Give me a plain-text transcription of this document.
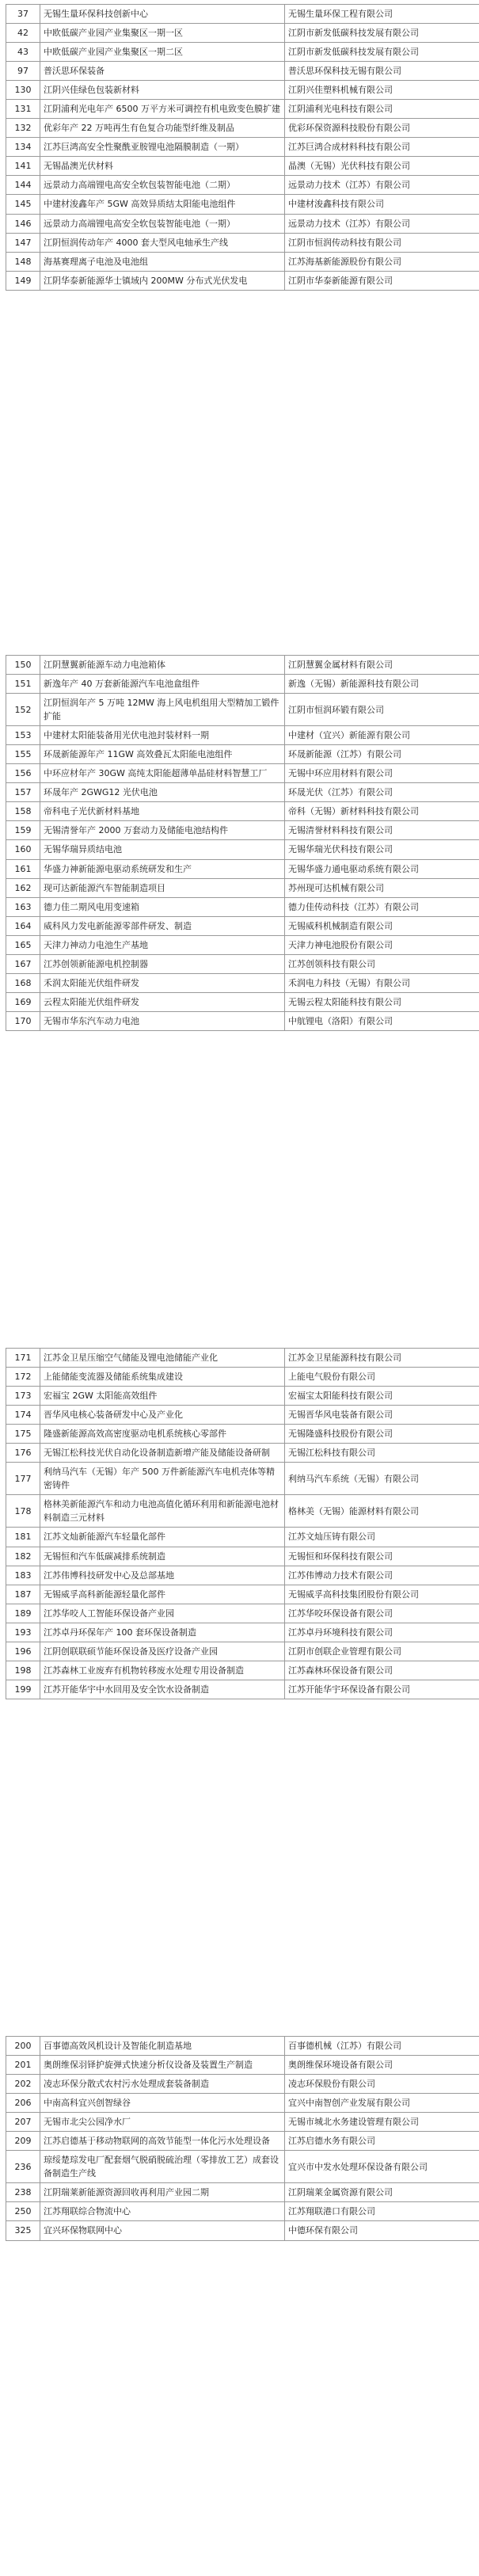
37	无锡生量环保科技创新中心	无锡生量环保工程有限公司
42	中欧低碳产业园产业集聚区一期一区	江阴市新发低碳科技发展有限公司
43	中欧低碳产业园产业集聚区一期二区	江阴市新发低碳科技发展有限公司
97	普沃思环保装备	普沃思环保科技无锡有限公司
130	江阴兴佳绿色包装新材料	江阴兴佳塑料机械有限公司
131	江阴浦利光电年产 6500 万平方米可调控有机电致变色膜扩建	江阴浦利光电科技有限公司
132	优彩年产 22 万吨再生有色复合功能型纤维及制品	优彩环保资源科技股份有限公司
134	江苏巨鸿高安全性聚酰亚胺锂电池隔膜制造（一期）	江苏巨鸿合成材料科技有限公司
141	无锡晶澳光伏材料	晶澳（无锡）光伏科技有限公司
144	远景动力高端锂电高安全软包装智能电池（二期）	远景动力技术（江苏）有限公司
145	中建材浚鑫年产 5GW 高效异质结太阳能电池组件	中建材浚鑫科技有限公司
146	远景动力高端锂电高安全软包装智能电池（一期）	远景动力技术（江苏）有限公司
147	江阴恒润传动年产 4000 套大型风电轴承生产线	江阴市恒润传动科技有限公司
148	海基赛理离子电池及电池组	江苏海基新能源股份有限公司
149	江阴华泰新能源华士镇域内 200MW 分布式光伏发电	江阴市华泰新能源有限公司
150	江阴慧翼新能源车动力电池箱体	江阴慧翼金属材料有限公司
151	新逸年产 40 万套新能源汽车电池盒组件	新逸（无锡）新能源科技有限公司
152	江阴恒润年产 5 万吨 12MW 海上风电机组用大型精加工锻件扩能	江阴市恒润环锻有限公司
153	中建材太阳能装备用光伏电池封装材料一期	中建材（宜兴）新能源有限公司
155	环晟新能源年产 11GW 高效叠瓦太阳能电池组件	环晟新能源（江苏）有限公司
156	中环应材年产 30GW 高纯太阳能超薄单晶硅材料智慧工厂	无锡中环应用材料有限公司
157	环晟年产 2GWG12 光伏电池	环晟光伏（江苏）有限公司
158	帝科电子光伏新材料基地	帝科（无锡）新材料科技有限公司
159	无锡清誉年产 2000 万套动力及储能电池结构件	无锡清誉材料科技有限公司
160	无锡华瑞异质结电池	无锡华瑞光伏科技有限公司
161	华盛力神新能源电驱动系统研发和生产	无锡华盛力通电驱动系统有限公司
162	现可达新能源汽车智能制造项目	苏州现可达机械有限公司
163	德力佳二期风电用变速箱	德力佳传动科技（江苏）有限公司
164	威科风力发电新能源零部件研发、制造	无锡威科机械制造有限公司
165	天津力神动力电池生产基地	天津力神电池股份有限公司
167	江苏创领新能源电机控制器	江苏创领科技有限公司
168	禾润太阳能光伏组件研发	禾润电力科技（无锡）有限公司
169	云程太阳能光伏组件研发	无锡云程太阳能科技有限公司
170	无锡市华东汽车动力电池	中航锂电（洛阳）有限公司
171	江苏金卫星压缩空气储能及锂电池储能产业化	江苏金卫星能源科技有限公司
172	上能储能变流器及储能系统集成建设	上能电气股份有限公司
173	宏福宝 2GW 太阳能高效组件	宏福宝太阳能科技有限公司
174	晋华风电核心装备研发中心及产业化	无锡晋华风电装备有限公司
175	隆盛新能源高效高密度驱动电机系统核心零部件	无锡隆盛科技股份有限公司
176	无锡江松科技光伏自动化设备制造新增产能及储能设备研制	无锡江松科技有限公司
177	利纳马汽车（无锡）年产 500 万件新能源汽车电机壳体等精密铸件	利纳马汽车系统（无锡）有限公司
178	格林美新能源汽车和动力电池高值化循环利用和新能源电池材料制造三元材料	格林美（无锡）能源材料有限公司
181	江苏文灿新能源汽车轻量化部件	江苏文灿压铸有限公司
182	无锡恒和汽车低碳减排系统制造	无锡恒和环保科技有限公司
183	江苏伟博科技研发中心及总部基地	江苏伟博动力技术有限公司
187	无锡威孚高科新能源轻量化部件	无锡威孚高科技集团股份有限公司
189	江苏华咬人工智能环保设备产业园	江苏华咬环保设备有限公司
193	江苏卓丹环保年产 100 套环保设备制造	江苏卓丹环境科技有限公司
196	江阴创联联硕节能环保设备及医疗设备产业园	江阴市创联企业管理有限公司
198	江苏森林工业废弃有机物转移废水处理专用设备制造	江苏森林环保设备有限公司
199	江苏开能华宇中水回用及安全饮水设备制造	江苏开能华宇环保设备有限公司
200	百事德高效风机设计及智能化制造基地	百事德机械（江苏）有限公司
201	奥朗维保羽铎护旋弹式快速分析仪设备及装置生产制造	奥朗维保环境设备有限公司
202	凌志环保分散式农村污水处理成套装备制造	凌志环保股份有限公司
206	中南高科宜兴创智绿谷	宜兴中南智创产业发展有限公司
207	无锡市北尖公园净水厂	无锡市城北水务建设管理有限公司
209	江苏启德基于移动物联网的高效节能型一体化污水处理设备	江苏启德水务有限公司
236	琼绥楚琮发电厂配套烟气脱硝脱硫治理（零排放工艺）成套设备制造生产线	宜兴市中发水处理环保设备有限公司
238	江阴瑞莱新能源资源回收再利用产业园二期	江阴瑞莱金属资源有限公司
250	江苏翔联综合物流中心	江苏翔联港口有限公司
325	宜兴环保物联网中心	中德环保有限公司
